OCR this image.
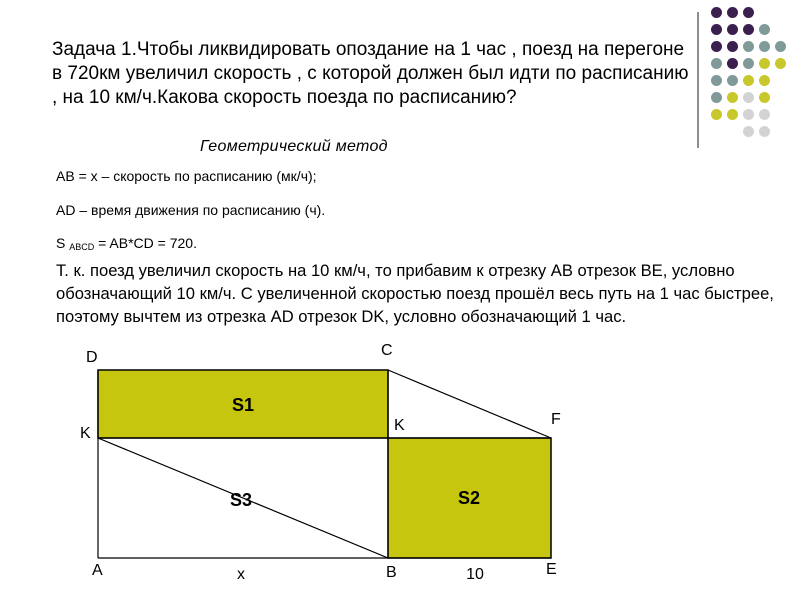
Задача 1.Чтобы ликвидировать опоздание на 1 час , поезд на перегоне в 720км увеличил скорость , с которой должен был идти по расписанию , на 10 км/ч.Какова скорость поезда по расписанию?

Геометрический метод

AB = x – скорость по расписанию (мк/ч);

AD – время движения по расписанию (ч).

S $_{ABCD}$ = AB*CD = 720.

Т. к. поезд увеличил скорость на 10 км/ч, то прибавим к отрезку AB отрезок BE, условно обозначающий 10 км/ч. С увеличенной скоростью поезд прошёл весь путь на 1 час быстрее, поэтому вычтем из отрезка AD отрезок DK, условно обозначающий 1 час.

S1
S2
S3
D	C
K	K	F
A	B	E
x	10
